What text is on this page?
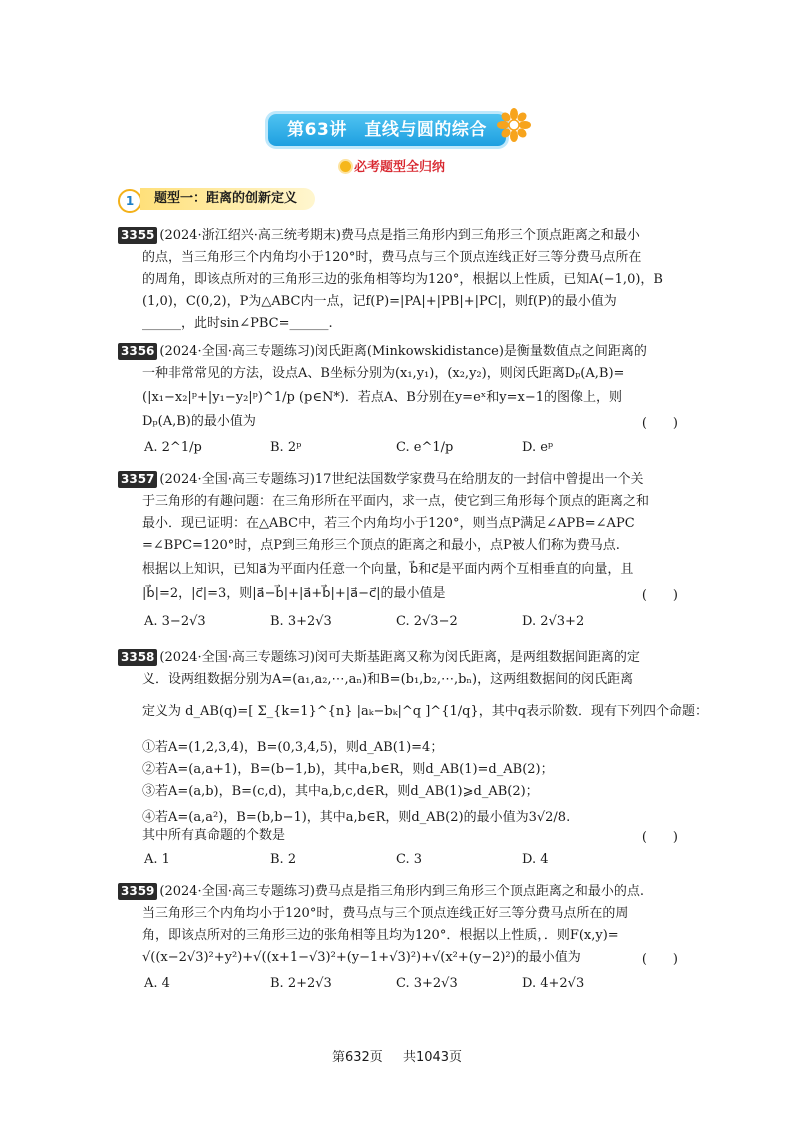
第63讲　直线与圆的综合
必考题型全归纳
1	题型一：距离的创新定义
3355 (2024·浙江绍兴·高三统考期末)费马点是指三角形内到三角形三个顶点距离之和最小
的点，当三角形三个内角均小于120°时，费马点与三个顶点连线正好三等分费马点所在
的周角，即该点所对的三角形三边的张角相等均为120°，根据以上性质，已知A(−1,0)，B
(1,0)，C(0,2)，P为△ABC内一点，记f(P)=|PA|+|PB|+|PC|，则f(P)的最小值为
______，此时sin∠PBC=______.
3356 (2024·全国·高三专题练习)闵氏距离(Minkowskidistance)是衡量数值点之间距离的
一种非常常见的方法，设点A、B坐标分别为(x₁,y₁)，(x₂,y₂)，则闵氏距离Dₚ(A,B)=
(|x₁−x₂|ᵖ+|y₁−y₂|ᵖ)^1/p (p∈N*)．若点A、B分别在y=eˣ和y=x−1的图像上，则
Dₚ(A,B)的最小值为	(　　)
A. 2^1/p	B. 2ᵖ	C. e^1/p	D. eᵖ
3357 (2024·全国·高三专题练习)17世纪法国数学家费马在给朋友的一封信中曾提出一个关
于三角形的有趣问题：在三角形所在平面内，求一点，使它到三角形每个顶点的距离之和
最小．现已证明：在△ABC中，若三个内角均小于120°，则当点P满足∠APB=∠APC
=∠BPC=120°时，点P到三角形三个顶点的距离之和最小，点P被人们称为费马点.
根据以上知识，已知a⃗为平面内任意一个向量，b⃗和c⃗是平面内两个互相垂直的向量，且
|b⃗|=2，|c⃗|=3，则|a⃗−b⃗|+|a⃗+b⃗|+|a⃗−c⃗|的最小值是	(　　)
A. 3−2√3	B. 3+2√3	C. 2√3−2	D. 2√3+2
3358 (2024·全国·高三专题练习)闵可夫斯基距离又称为闵氏距离，是两组数据间距离的定
义．设两组数据分别为A=(a₁,a₂,⋯,aₙ)和B=(b₁,b₂,⋯,bₙ)，这两组数据间的闵氏距离
定义为 d_AB(q)=[ Σ_{k=1}^{n} |aₖ−bₖ|^q ]^{1/q}，其中q表示阶数．现有下列四个命题：
①若A=(1,2,3,4)，B=(0,3,4,5)，则d_AB(1)=4；
②若A=(a,a+1)，B=(b−1,b)，其中a,b∈R，则d_AB(1)=d_AB(2)；
③若A=(a,b)，B=(c,d)，其中a,b,c,d∈R，则d_AB(1)⩾d_AB(2)；
④若A=(a,a²)，B=(b,b−1)，其中a,b∈R，则d_AB(2)的最小值为3√2/8.
其中所有真命题的个数是	(　　)
A. 1	B. 2	C. 3	D. 4
3359 (2024·全国·高三专题练习)费马点是指三角形内到三角形三个顶点距离之和最小的点.
当三角形三个内角均小于120°时，费马点与三个顶点连线正好三等分费马点所在的周
角，即该点所对的三角形三边的张角相等且均为120°．根据以上性质，．则F(x,y)=
√((x−2√3)²+y²)+√((x+1−√3)²+(y−1+√3)²)+√(x²+(y−2)²)的最小值为	(　　)
A. 4	B. 2+2√3	C. 3+2√3	D. 4+2√3
第632页 共1043页
